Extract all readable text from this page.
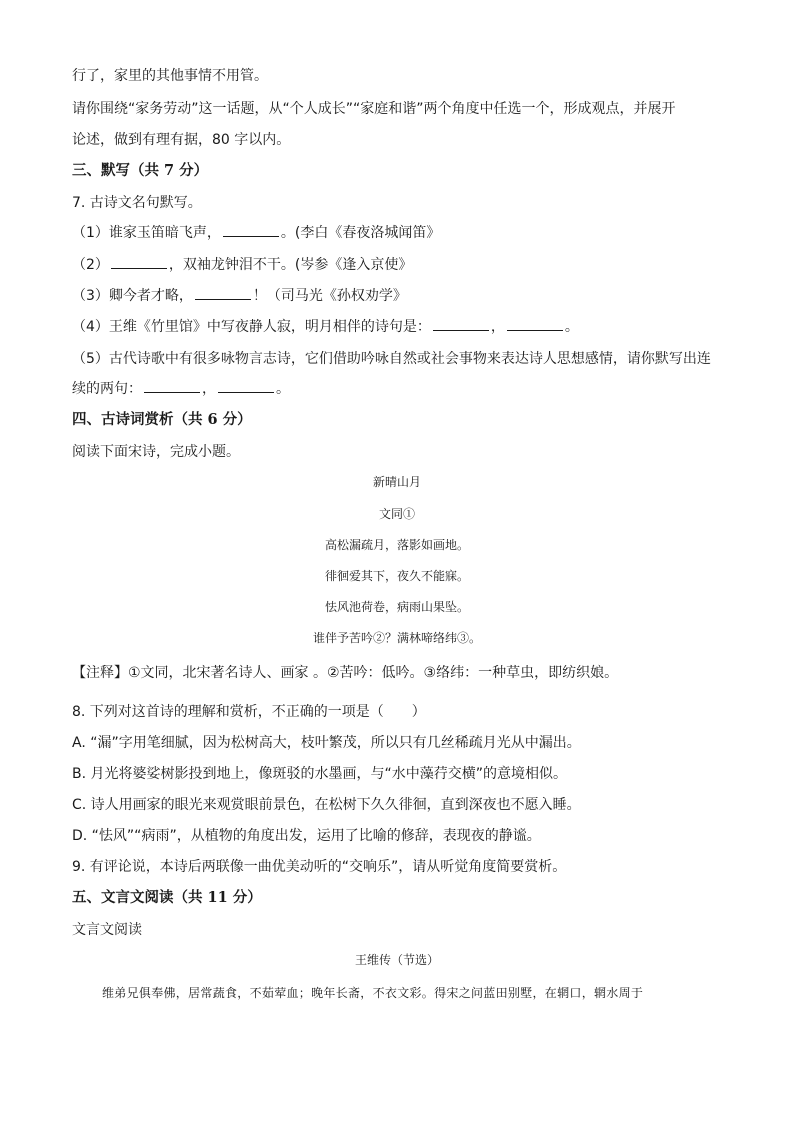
行了，家里的其他事情不用管。
请你围绕“家务劳动”这一话题，从“个人成长”“家庭和谐”两个角度中任选一个，形成观点，并展开
论述，做到有理有据，80 字以内。
三、默写（共 7 分）
7. 古诗文名句默写。
（1）谁家玉笛暗飞声，	。(李白《春夜洛城闻笛》
（2）	，双袖龙钟泪不干。(岑参《逢入京使》
（3）卿今者才略，	！（司马光《孙权劝学》
（4）王维《竹里馆》中写夜静人寂，明月相伴的诗句是：	，	。
（5）古代诗歌中有很多咏物言志诗，它们借助吟咏自然或社会事物来表达诗人思想感情，请你默写出连
续的两句：	，	。
四、古诗词赏析（共 6 分）
阅读下面宋诗，完成小题。
新晴山月
文同①
高松漏疏月，落影如画地。
徘徊爱其下，夜久不能寐。
怯风池荷卷，病雨山果坠。
谁伴予苦吟②？满林啼络纬③。
【注释】①文同，北宋著名诗人、画家 。②苦吟：低吟。③络纬：一种草虫，即纺织娘。
8. 下列对这首诗的理解和赏析，不正确的一项是（　　）
A. “漏”字用笔细腻，因为松树高大，枝叶繁茂，所以只有几丝稀疏月光从中漏出。
B. 月光将婆娑树影投到地上，像斑驳的水墨画，与“水中藻荇交横”的意境相似。
C. 诗人用画家的眼光来观赏眼前景色，在松树下久久徘徊，直到深夜也不愿入睡。
D. “怯风”“病雨”，从植物的角度出发，运用了比喻的修辞，表现夜的静谧。
9. 有评论说，本诗后两联像一曲优美动听的“交响乐”，请从听觉角度简要赏析。
五、文言文阅读（共 11 分）
文言文阅读
王维传（节选）
维弟兄俱奉佛，居常蔬食，不茹荤血；晚年长斋，不衣文彩。得宋之问蓝田别墅，在辋口，辋水周于
